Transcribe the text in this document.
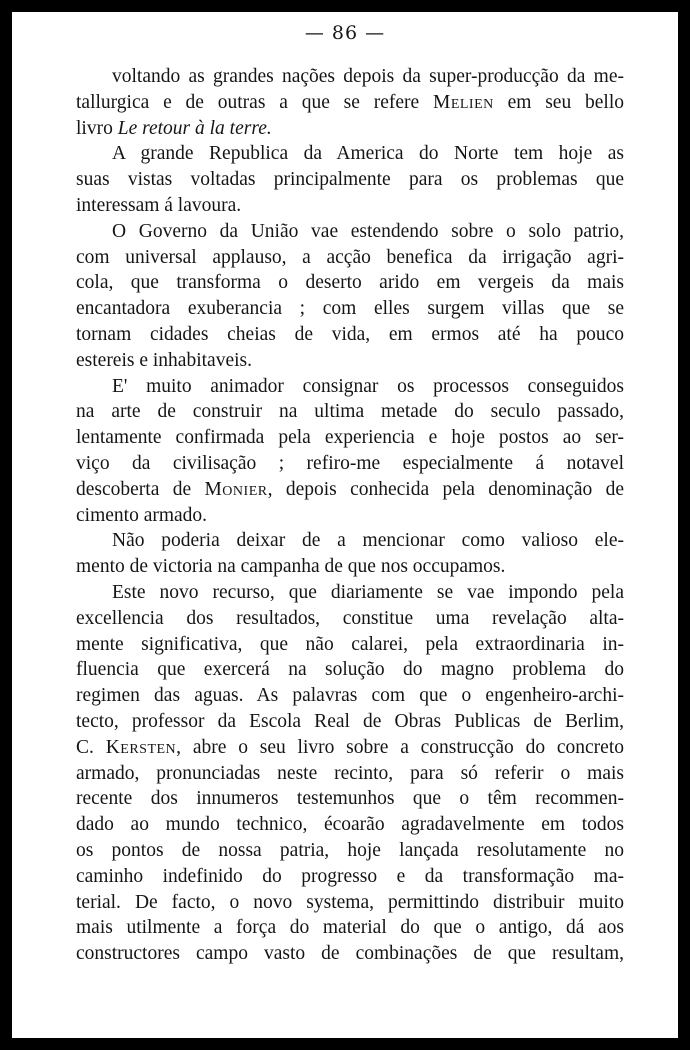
— 86 —
voltando as grandes nações depois da super-producção da me-
tallurgica e de outras a que se refere Melien em seu bello
livro Le retour à la terre.
A grande Republica da America do Norte tem hoje as
suas vistas voltadas principalmente para os problemas que
interessam á lavoura.
O Governo da União vae estendendo sobre o solo patrio,
com universal applauso, a acção benefica da irrigação agri-
cola, que transforma o deserto arido em vergeis da mais
encantadora exuberancia ; com elles surgem villas que se
tornam cidades cheias de vida, em ermos até ha pouco
estereis e inhabitaveis.
E' muito animador consignar os processos conseguidos
na arte de construir na ultima metade do seculo passado,
lentamente confirmada pela experiencia e hoje postos ao ser-
viço da civilisação ; refiro-me especialmente á notavel
descoberta de Monier, depois conhecida pela denominação de
cimento armado.
Não poderia deixar de a mencionar como valioso ele-
mento de victoria na campanha de que nos occupamos.
Este novo recurso, que diariamente se vae impondo pela
excellencia dos resultados, constitue uma revelação alta-
mente significativa, que não calarei, pela extraordinaria in-
fluencia que exercerá na solução do magno problema do
regimen das aguas. As palavras com que o engenheiro-archi-
tecto, professor da Escola Real de Obras Publicas de Berlim,
C. Kersten, abre o seu livro sobre a construcção do concreto
armado, pronunciadas neste recinto, para só referir o mais
recente dos innumeros testemunhos que o têm recommen-
dado ao mundo technico, écoarão agradavelmente em todos
os pontos de nossa patria, hoje lançada resolutamente no
caminho indefinido do progresso e da transformação ma-
terial. De facto, o novo systema, permittindo distribuir muito
mais utilmente a força do material do que o antigo, dá aos
constructores campo vasto de combinações de que resultam,
